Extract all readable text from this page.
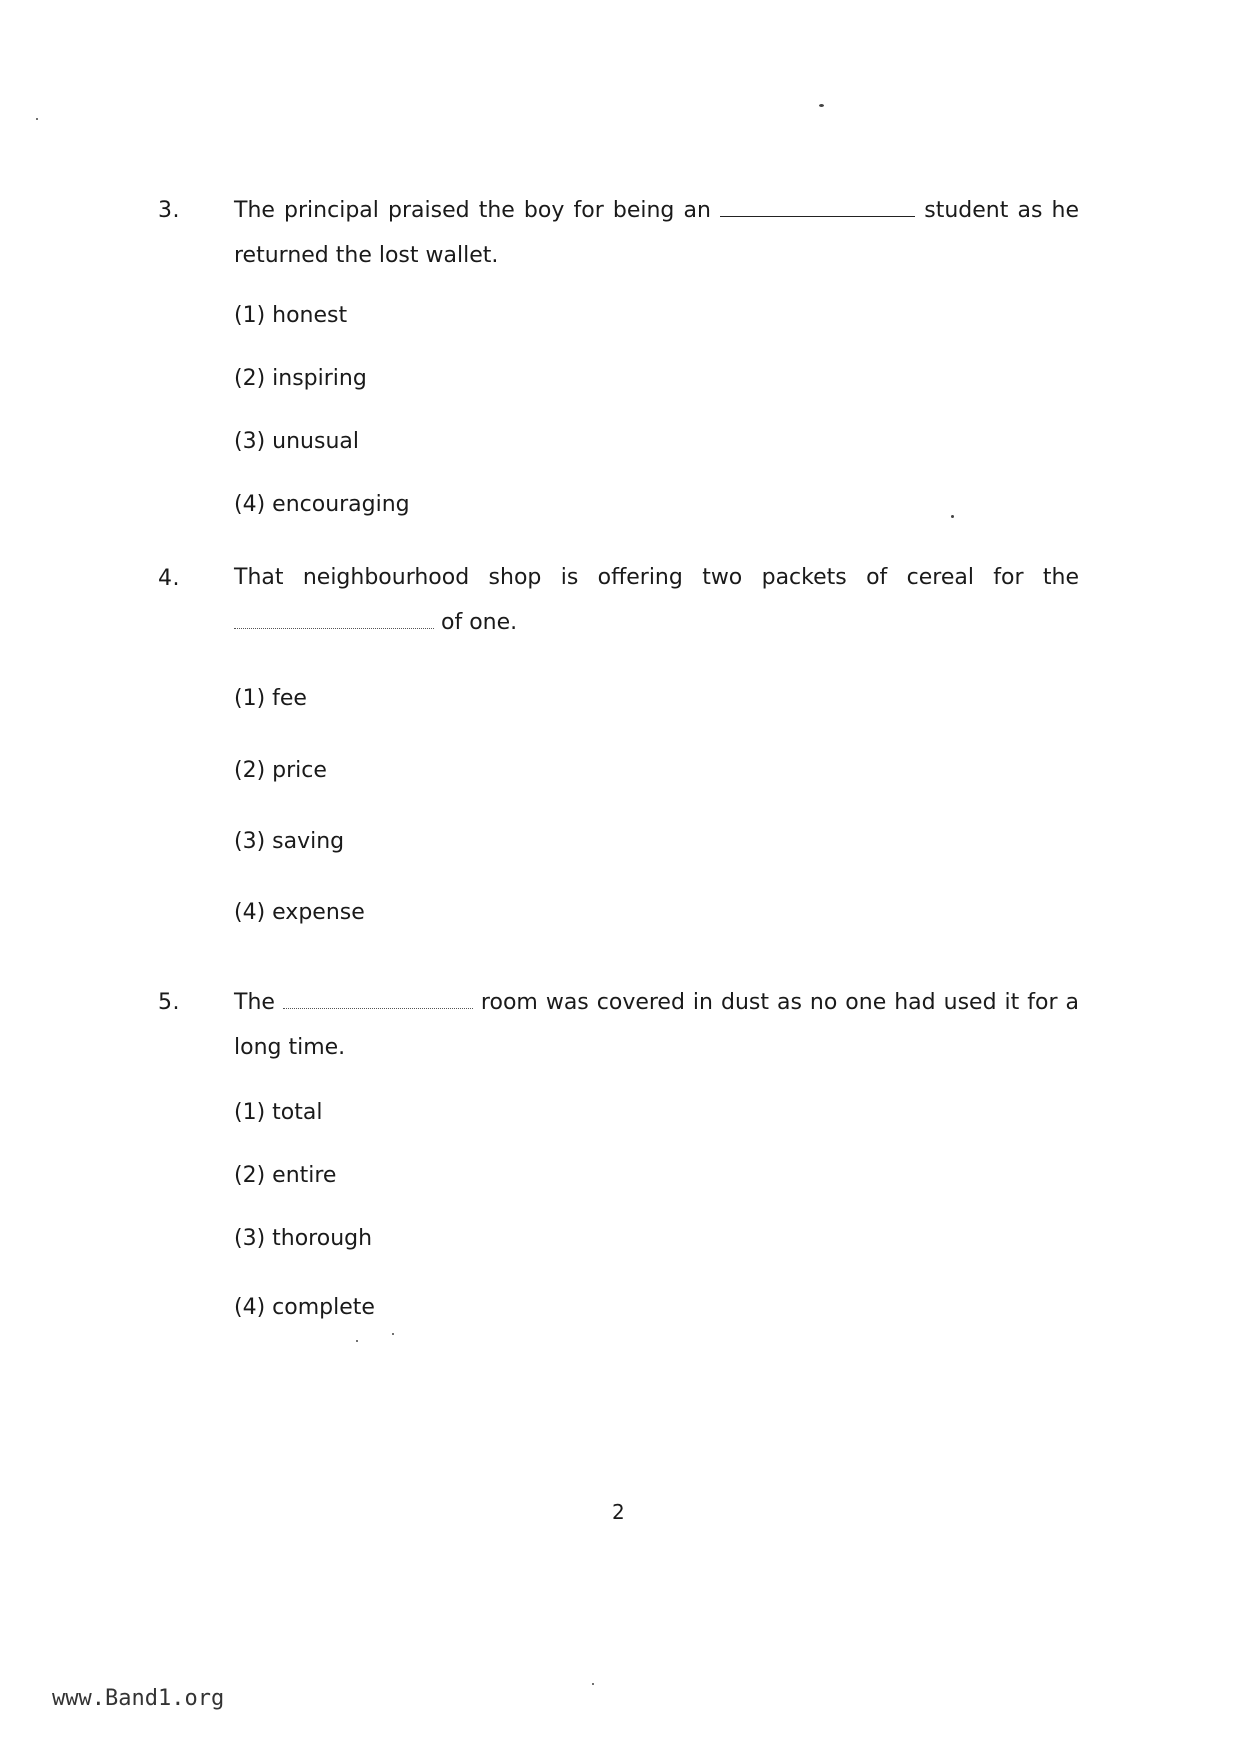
3. The principal praised the boy for being an	student as he returned the lost wallet.
(1) honest
(2) inspiring
(3) unusual
(4) encouraging
4. That neighbourhood shop is offering two packets of cereal for the  of one.
(1) fee
(2) price
(3) saving
(4) expense
5. The	room was covered in dust as no one had used it for a long time.
(1) total
(2) entire
(3) thorough
(4) complete
2
www.Band1.org
